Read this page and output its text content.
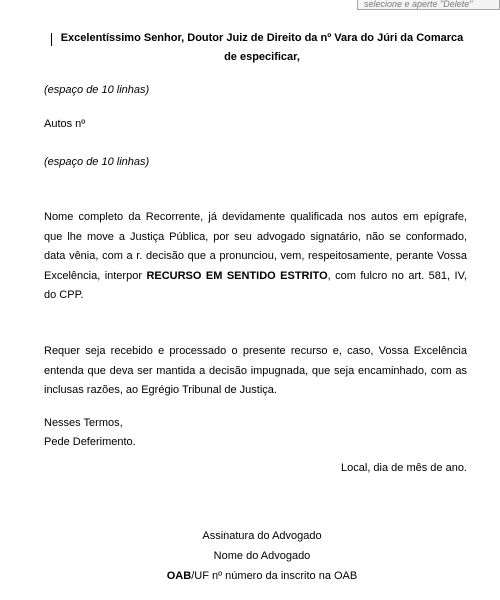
selecione e aperte "Delete"
Excelentíssimo Senhor, Doutor Juiz de Direito da nº Vara do Júri da Comarca
de especificar,
(espaço de 10 linhas)
Autos nº
(espaço de 10 linhas)
Nome completo da Recorrente, já devidamente qualificada nos autos em epígrafe, que lhe move a Justiça Pública, por seu advogado signatário, não se conformado, data vênia, com a r. decisão que a pronunciou, vem, respeitosamente, perante Vossa Excelência, interpor RECURSO EM SENTIDO ESTRITO, com fulcro no art. 581, IV, do CPP.
Requer seja recebido e processado o presente recurso e, caso, Vossa Excelência entenda que deva ser mantida a decisão impugnada, que seja encaminhado, com as inclusas razões, ao Egrégio Tribunal de Justiça.
Nesses Termos,
Pede Deferimento.
Local, dia de mês de ano.
Assinatura do Advogado
Nome do Advogado
OAB/UF nº número da inscrito na OAB
